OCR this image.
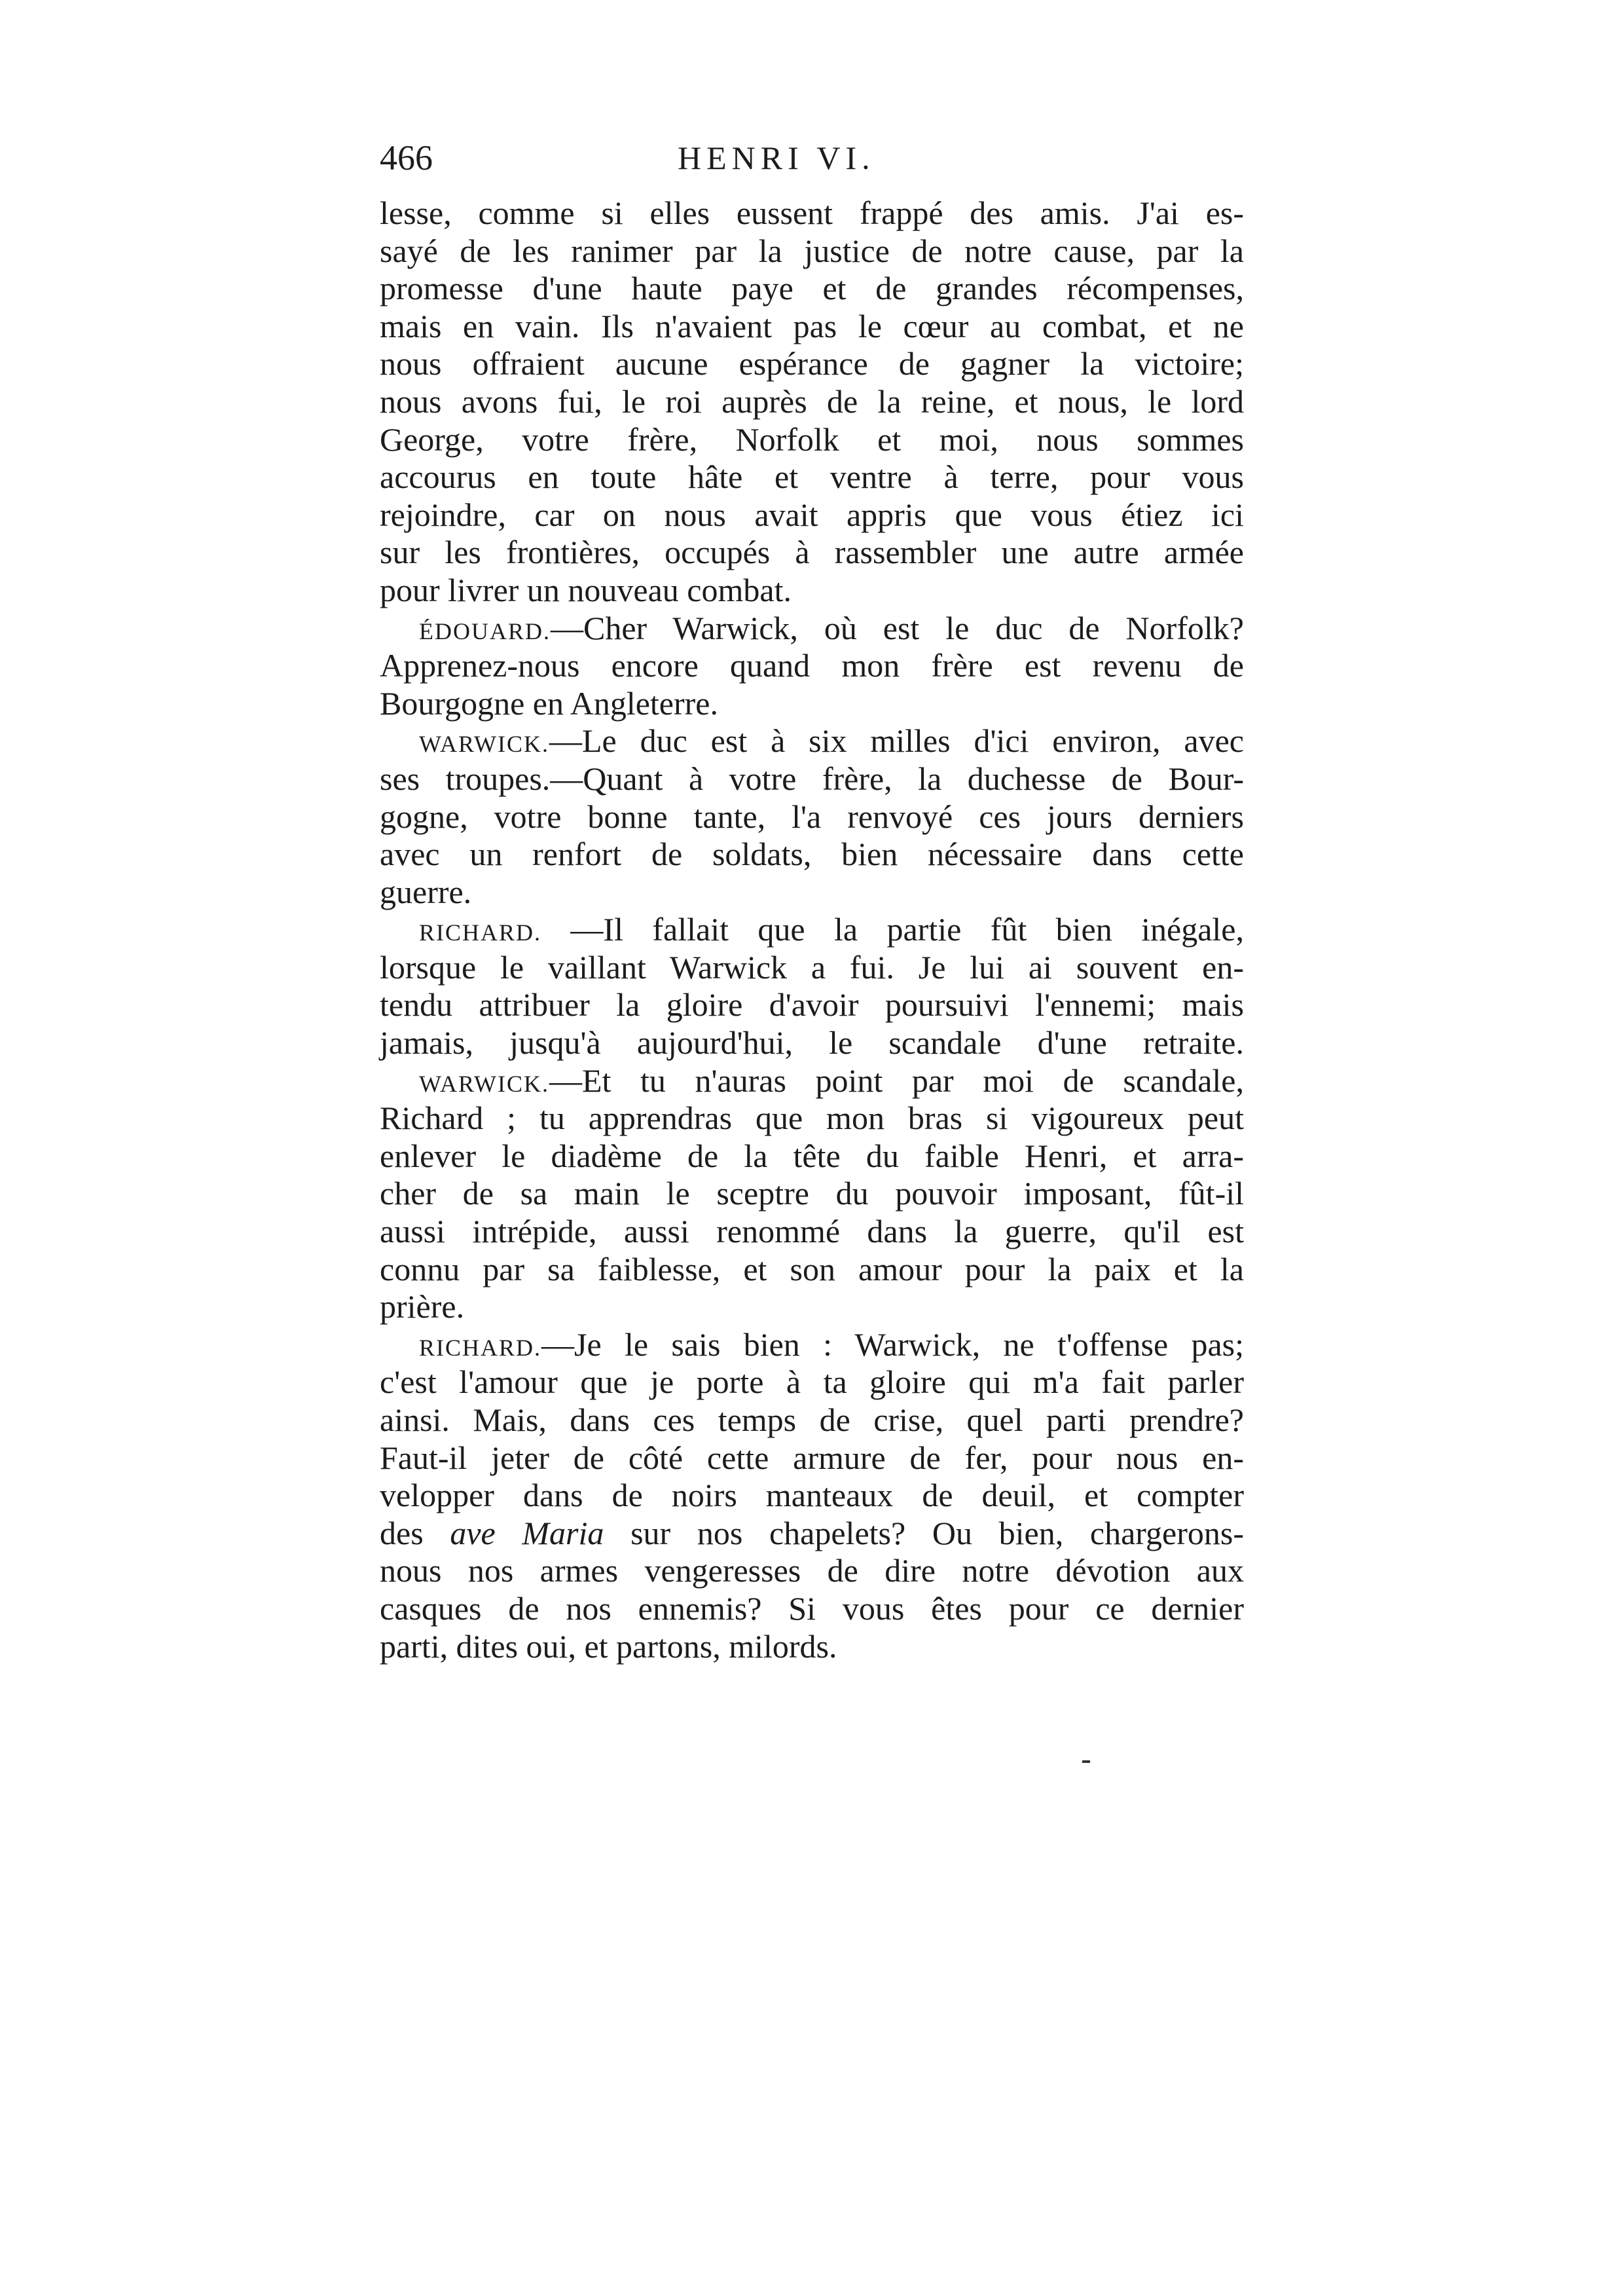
466	HENRI VI.
lesse, comme si elles eussent frappé des amis. J'ai es-
sayé de les ranimer par la justice de notre cause, par la
promesse d'une haute paye et de grandes récompenses,
mais en vain. Ils n'avaient pas le cœur au combat, et ne
nous offraient aucune espérance de gagner la victoire;
nous avons fui, le roi auprès de la reine, et nous, le lord
George, votre frère, Norfolk et moi, nous sommes
accourus en toute hâte et ventre à terre, pour vous
rejoindre, car on nous avait appris que vous étiez ici
sur les frontières, occupés à rassembler une autre armée
pour livrer un nouveau combat.
ÉDOUARD.—Cher Warwick, où est le duc de Norfolk?
Apprenez-nous encore quand mon frère est revenu de
Bourgogne en Angleterre.
WARWICK.—Le duc est à six milles d'ici environ, avec
ses troupes.—Quant à votre frère, la duchesse de Bour-
gogne, votre bonne tante, l'a renvoyé ces jours derniers
avec un renfort de soldats, bien nécessaire dans cette
guerre.
RICHARD. —Il fallait que la partie fût bien inégale,
lorsque le vaillant Warwick a fui. Je lui ai souvent en-
tendu attribuer la gloire d'avoir poursuivi l'ennemi; mais
jamais, jusqu'à aujourd'hui, le scandale d'une retraite.
WARWICK.—Et tu n'auras point par moi de scandale,
Richard ; tu apprendras que mon bras si vigoureux peut
enlever le diadème de la tête du faible Henri, et arra-
cher de sa main le sceptre du pouvoir imposant, fût-il
aussi intrépide, aussi renommé dans la guerre, qu'il est
connu par sa faiblesse, et son amour pour la paix et la
prière.
RICHARD.—Je le sais bien : Warwick, ne t'offense pas;
c'est l'amour que je porte à ta gloire qui m'a fait parler
ainsi. Mais, dans ces temps de crise, quel parti prendre?
Faut-il jeter de côté cette armure de fer, pour nous en-
velopper dans de noirs manteaux de deuil, et compter
des ave Maria sur nos chapelets? Ou bien, chargerons-
nous nos armes vengeresses de dire notre dévotion aux
casques de nos ennemis? Si vous êtes pour ce dernier
parti, dites oui, et partons, milords.
